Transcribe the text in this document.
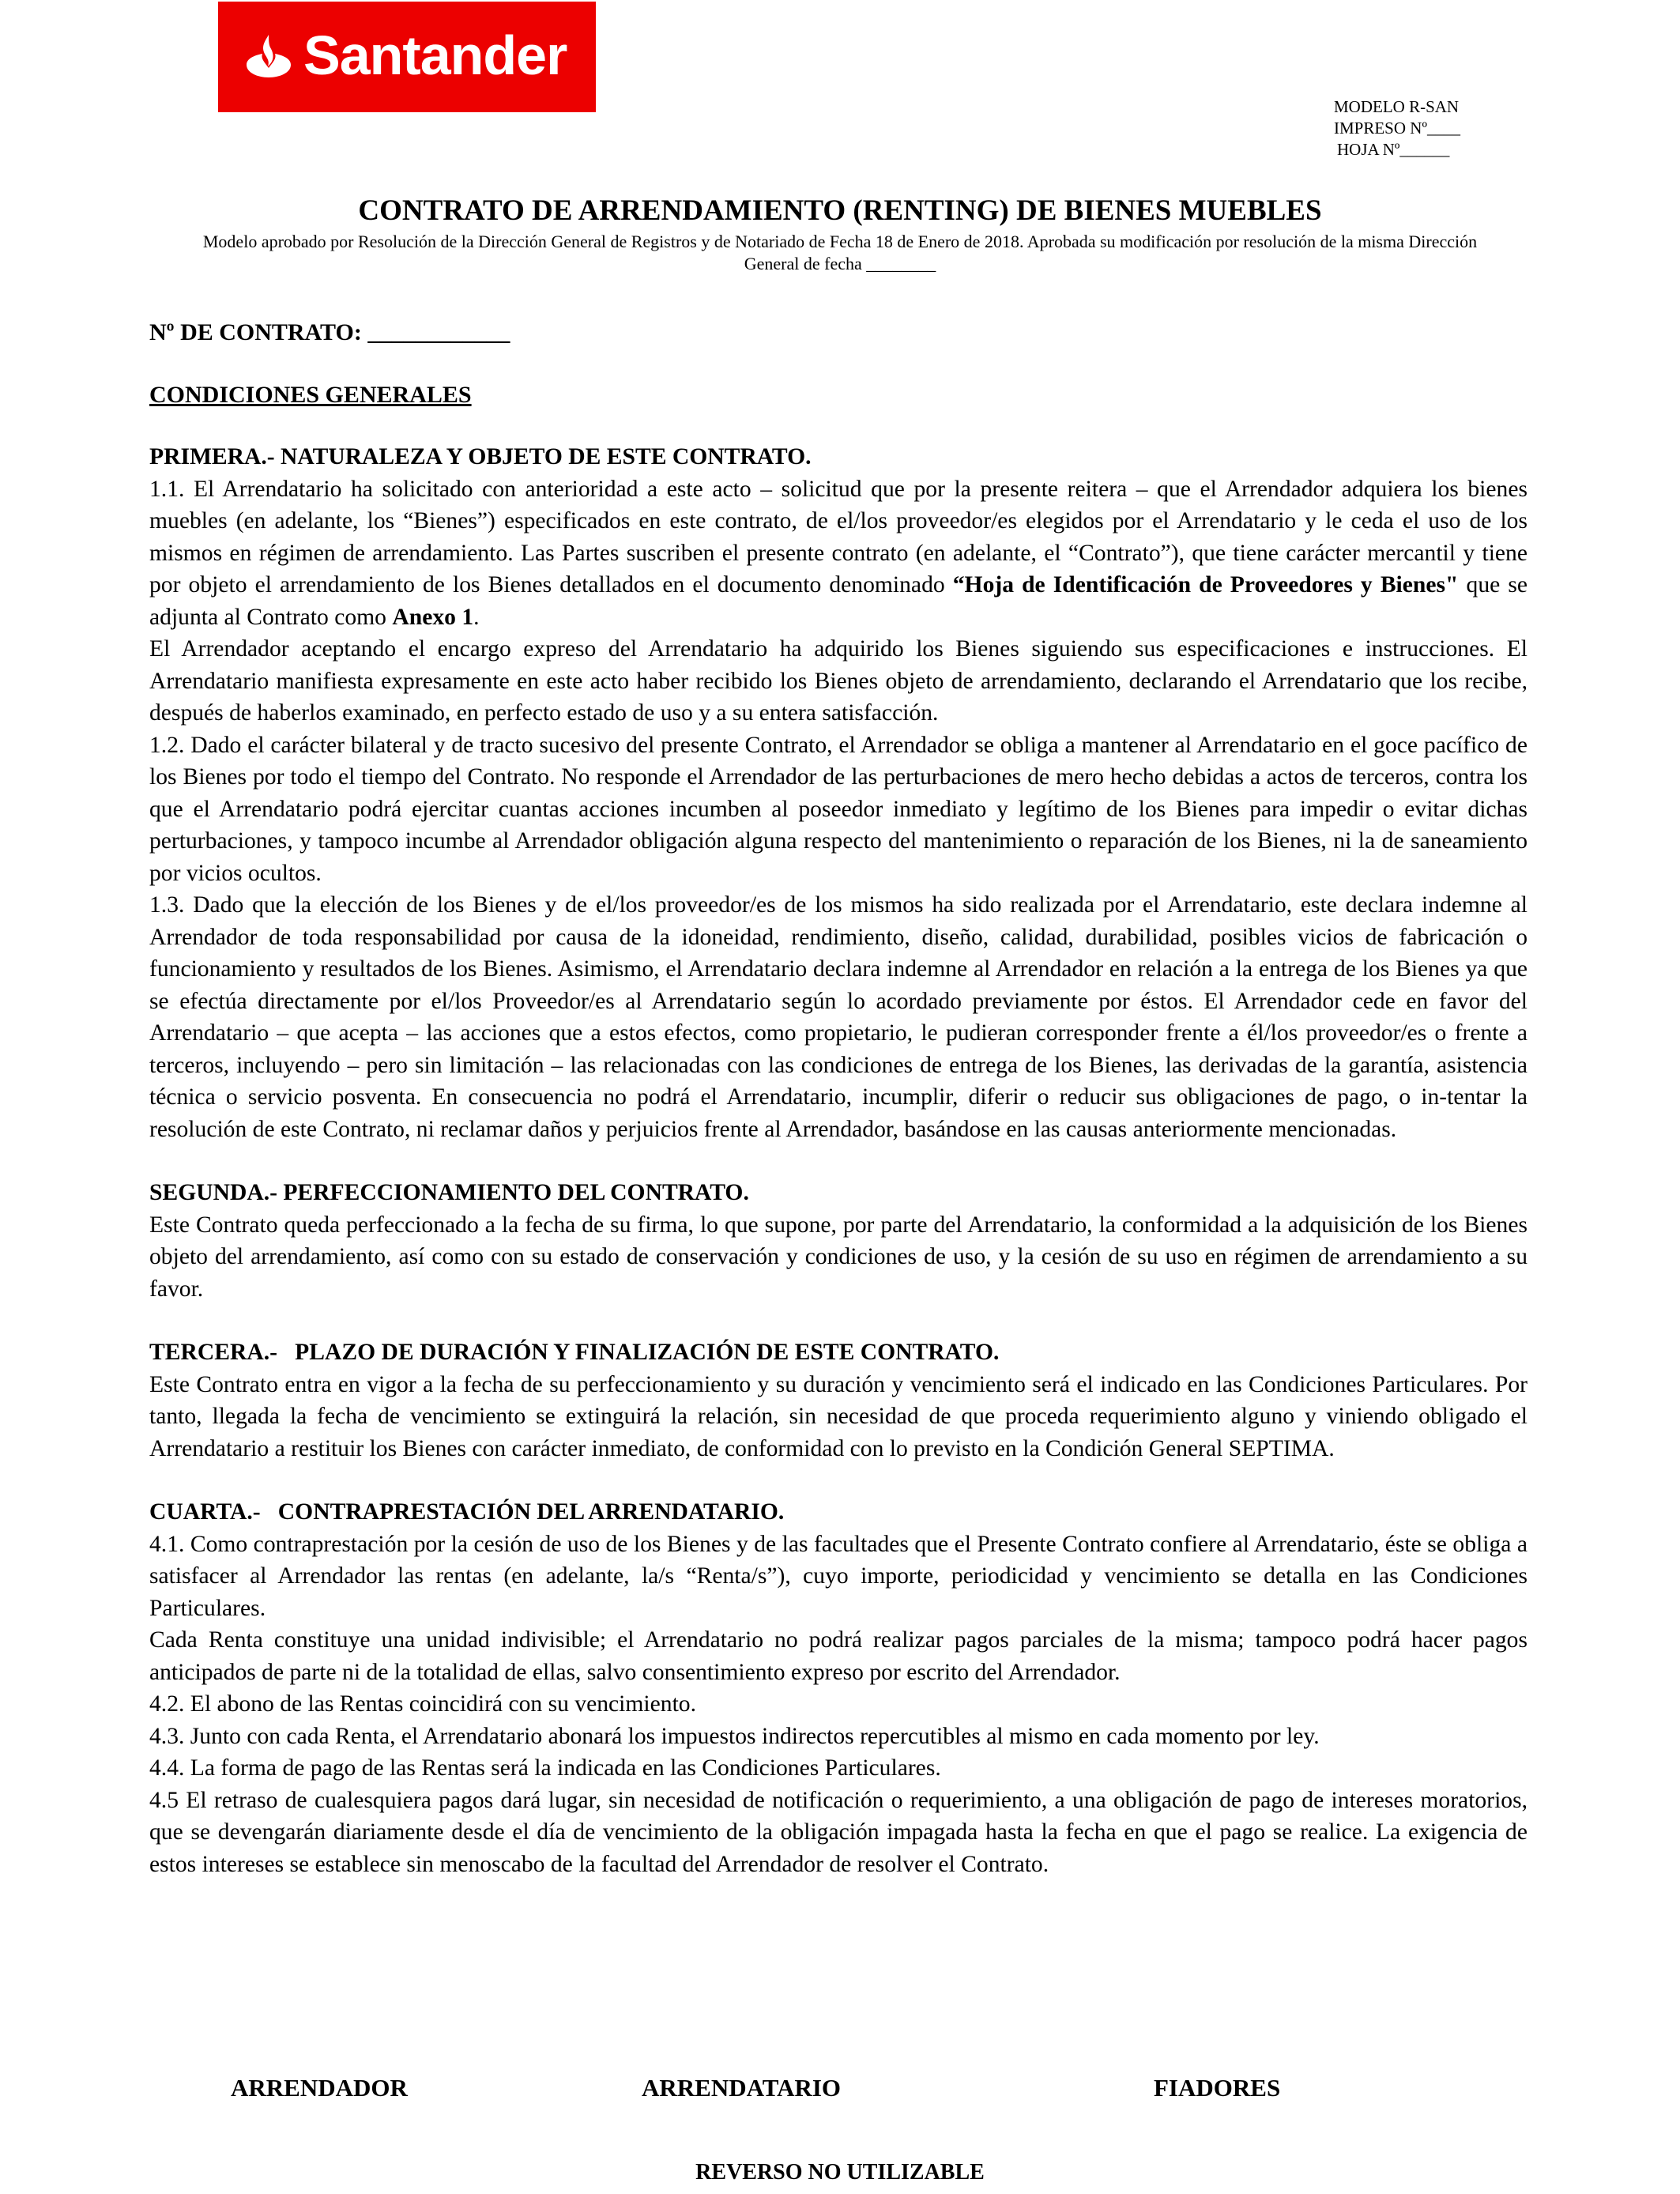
Santander
MODELO R-SAN
IMPRESO Nº____
HOJA Nº______
CONTRATO DE ARRENDAMIENTO (RENTING) DE BIENES MUEBLES
Modelo aprobado por Resolución de la Dirección General de Registros y de Notariado de Fecha 18 de Enero de 2018. Aprobada su modificación por resolución de la misma Dirección General de fecha ________
Nº DE CONTRATO: ____________
CONDICIONES GENERALES

PRIMERA.- NATURALEZA Y OBJETO DE ESTE CONTRATO.

1.1. El Arrendatario ha solicitado con anterioridad a este acto – solicitud que por la presente reitera – que el Arrendador adquiera los bienes muebles (en adelante, los “Bienes”) especificados en este contrato, de el/los proveedor/es elegidos por el Arrendatario y le ceda el uso de los mismos en régimen de arrendamiento. Las Partes suscriben el presente contrato (en adelante, el “Contrato”), que tiene carácter mercantil y tiene por objeto el arrendamiento de los Bienes detallados en el documento denominado “Hoja de Identificación de Proveedores y Bienes" que se adjunta al Contrato como Anexo 1.

El Arrendador aceptando el encargo expreso del Arrendatario ha adquirido los Bienes siguiendo sus especificaciones e instrucciones. El Arrendatario manifiesta expresamente en este acto haber recibido los Bienes objeto de arrendamiento, declarando el Arrendatario que los recibe, después de haberlos examinado, en perfecto estado de uso y a su entera satisfacción.

1.2. Dado el carácter bilateral y de tracto sucesivo del presente Contrato, el Arrendador se obliga a mantener al Arrendatario en el goce pacífico de los Bienes por todo el tiempo del Contrato. No responde el Arrendador de las perturbaciones de mero hecho debidas a actos de terceros, contra los que el Arrendatario podrá ejercitar cuantas acciones incumben al poseedor inmediato y legítimo de los Bienes para impedir o evitar dichas perturbaciones, y tampoco incumbe al Arrendador obligación alguna respecto del mantenimiento o reparación de los Bienes, ni la de saneamiento por vicios ocultos.

1.3. Dado que la elección de los Bienes y de el/los proveedor/es de los mismos ha sido realizada por el Arrendatario, este declara indemne al Arrendador de toda responsabilidad por causa de la idoneidad, rendimiento, diseño, calidad, durabilidad, posibles vicios de fabricación o funcionamiento y resultados de los Bienes. Asimismo, el Arrendatario declara indemne al Arrendador en relación a la entrega de los Bienes ya que se efectúa directamente por el/los Proveedor/es al Arrendatario según lo acordado previamente por éstos. El Arrendador cede en favor del Arrendatario – que acepta – las acciones que a estos efectos, como propietario, le pudieran corresponder frente a él/los proveedor/es o frente a terceros, incluyendo – pero sin limitación – las relacionadas con las condiciones de entrega de los Bienes, las derivadas de la garantía, asistencia técnica o servicio posventa. En consecuencia no podrá el Arrendatario, incumplir, diferir o reducir sus obligaciones de pago, o in-tentar la resolución de este Contrato, ni reclamar daños y perjuicios frente al Arrendador, basándose en las causas anteriormente mencionadas.

SEGUNDA.- PERFECCIONAMIENTO DEL CONTRATO.

Este Contrato queda perfeccionado a la fecha de su firma, lo que supone, por parte del Arrendatario, la conformidad a la adquisición de los Bienes objeto del arrendamiento, así como con su estado de conservación y condiciones de uso, y la cesión de su uso en régimen de arrendamiento a su favor.

TERCERA.-   PLAZO DE DURACIÓN Y FINALIZACIÓN DE ESTE CONTRATO.

Este Contrato entra en vigor a la fecha de su perfeccionamiento y su duración y vencimiento será el indicado en las Condiciones Particulares. Por tanto, llegada la fecha de vencimiento se extinguirá la relación, sin necesidad de que proceda requerimiento alguno y viniendo obligado el Arrendatario a restituir los Bienes con carácter inmediato, de conformidad con lo previsto en la Condición General SEPTIMA.

CUARTA.-   CONTRAPRESTACIÓN DEL ARRENDATARIO.

4.1. Como contraprestación por la cesión de uso de los Bienes y de las facultades que el Presente Contrato confiere al Arrendatario, éste se obliga a satisfacer al Arrendador las rentas (en adelante, la/s “Renta/s”), cuyo importe, periodicidad y vencimiento se detalla en las Condiciones Particulares.

Cada Renta constituye una unidad indivisible; el Arrendatario no podrá realizar pagos parciales de la misma; tampoco podrá hacer pagos anticipados de parte ni de la totalidad de ellas, salvo consentimiento expreso por escrito del Arrendador.

4.2. El abono de las Rentas coincidirá con su vencimiento.

4.3. Junto con cada Renta, el Arrendatario abonará los impuestos indirectos repercutibles al mismo en cada momento por ley.

4.4. La forma de pago de las Rentas será la indicada en las Condiciones Particulares.

4.5 El retraso de cualesquiera pagos dará lugar, sin necesidad de notificación o requerimiento, a una obligación de pago de intereses moratorios, que se devengarán diariamente desde el día de vencimiento de la obligación impagada hasta la fecha en que el pago se realice. La exigencia de estos intereses se establece sin menoscabo de la facultad del Arrendador de resolver el Contrato.

ARRENDADOR	ARRENDATARIO	FIADORES
REVERSO NO UTILIZABLE
